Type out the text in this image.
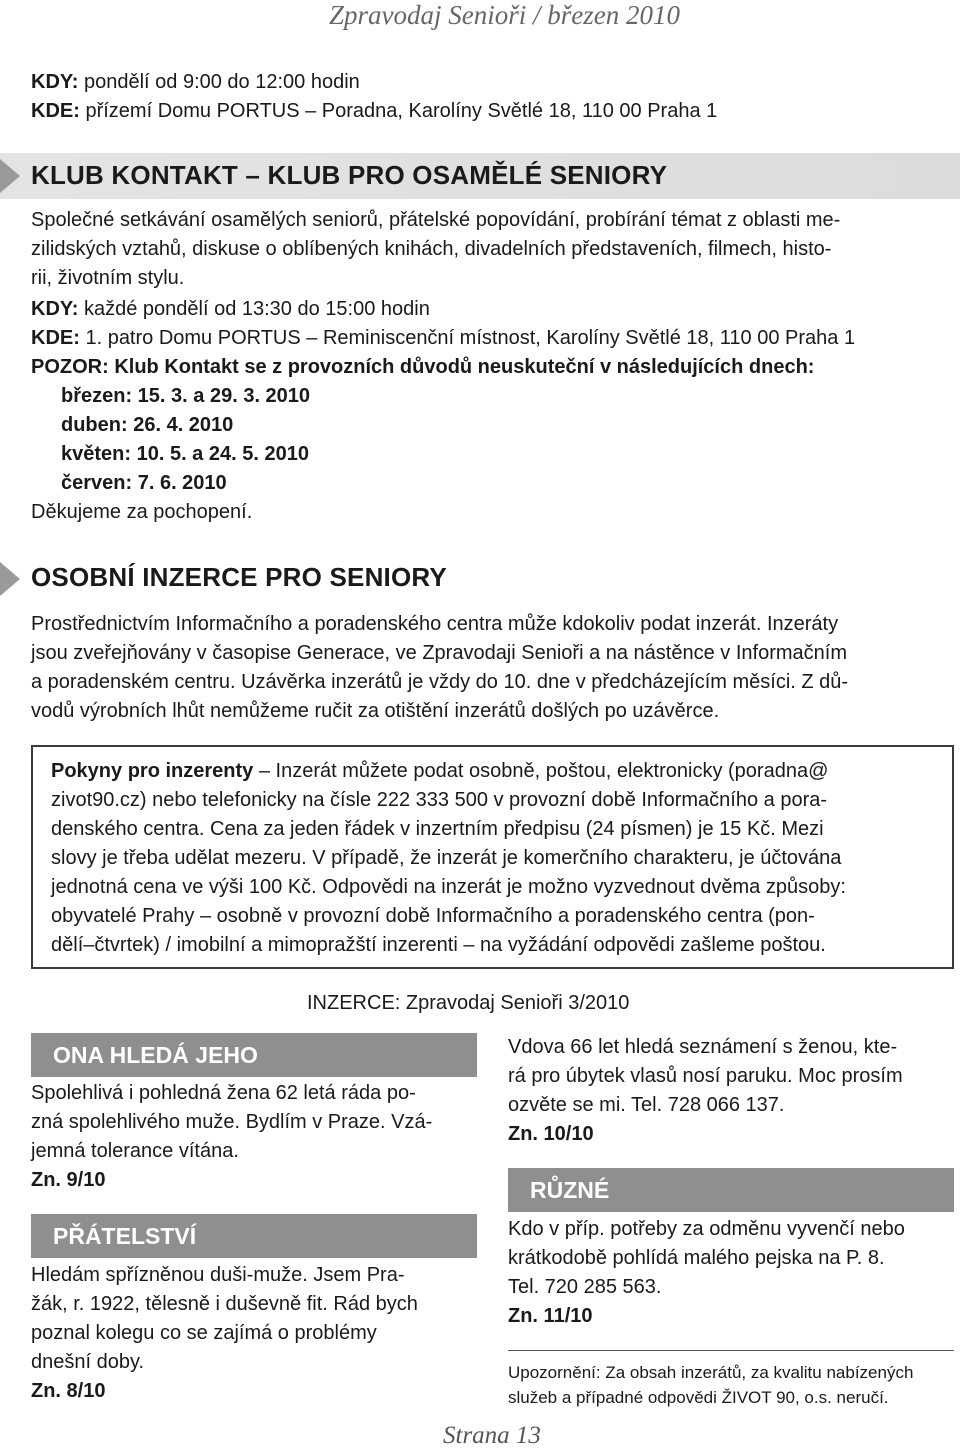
Zpravodaj Senioři / březen 2010
KDY: pondělí od 9:00 do 12:00 hodin
KDE: přízemí Domu PORTUS – Poradna, Karolíny Světlé 18, 110 00 Praha 1
KLUB KONTAKT – KLUB PRO OSAMĚLÉ SENIORY
Společné setkávání osamělých seniorů, přátelské popovídání, probírání témat z oblasti me-
zilidských vztahů, diskuse o oblíbených knihách, divadelních představeních, filmech, histo-
rii, životním stylu.
KDY: každé pondělí od 13:30 do 15:00 hodin
KDE: 1. patro Domu PORTUS – Reminiscenční místnost, Karolíny Světlé 18, 110 00 Praha 1
POZOR: Klub Kontakt se z provozních důvodů neuskuteční v následujících dnech:
březen: 15. 3. a 29. 3. 2010
duben: 26. 4. 2010
květen: 10. 5. a 24. 5. 2010
červen: 7. 6. 2010
Děkujeme za pochopení.
OSOBNÍ INZERCE PRO SENIORY
Prostřednictvím Informačního a poradenského centra může kdokoliv podat inzerát. Inzeráty
jsou zveřejňovány v časopise Generace, ve Zpravodaji Senioři a na nástěnce v Informačním
a poradenském centru. Uzávěrka inzerátů je vždy do 10. dne v předcházejícím měsíci. Z dů-
vodů výrobních lhůt nemůžeme ručit za otištění inzerátů došlých po uzávěrce.
Pokyny pro inzerenty – Inzerát můžete podat osobně, poštou, elektronicky (poradna@
zivot90.cz) nebo telefonicky na čísle 222 333 500 v provozní době Informačního a pora-
denského centra. Cena za jeden řádek v inzertním předpisu (24 písmen) je 15 Kč. Mezi
slovy je třeba udělat mezeru. V případě, že inzerát je komerčního charakteru, je účtována
jednotná cena ve výši 100 Kč. Odpovědi na inzerát je možno vyzvednout dvěma způsoby:
obyvatelé Prahy – osobně v provozní době Informačního a poradenského centra (pon-
dělí–čtvrtek) / imobilní a mimopražští inzerenti – na vyžádání odpovědi zašleme poštou.
INZERCE: Zpravodaj Senioři 3/2010
ONA HLEDÁ JEHO
Spolehlivá i pohledná žena 62 letá ráda po-
zná spolehlivého muže. Bydlím v Praze. Vzá-
jemná tolerance vítána.
Zn. 9/10
PŘÁTELSTVÍ
Hledám spřízněnou duši-muže. Jsem Pra-
žák, r. 1922, tělesně i duševně fit. Rád bych
poznal kolegu co se zajímá o problémy
dnešní doby.
Zn. 8/10
Vdova 66 let hledá seznámení s ženou, kte-
rá pro úbytek vlasů nosí paruku. Moc prosím
ozvěte se mi. Tel. 728 066 137.
Zn. 10/10
RŮZNÉ
Kdo v příp. potřeby za odměnu vyvenčí nebo
krátkodobě pohlídá malého pejska na P. 8.
Tel. 720 285 563.
Zn. 11/10
Upozornění: Za obsah inzerátů, za kvalitu nabízených
služeb a případné odpovědi ŽIVOT 90, o.s. neručí.
Strana 13
